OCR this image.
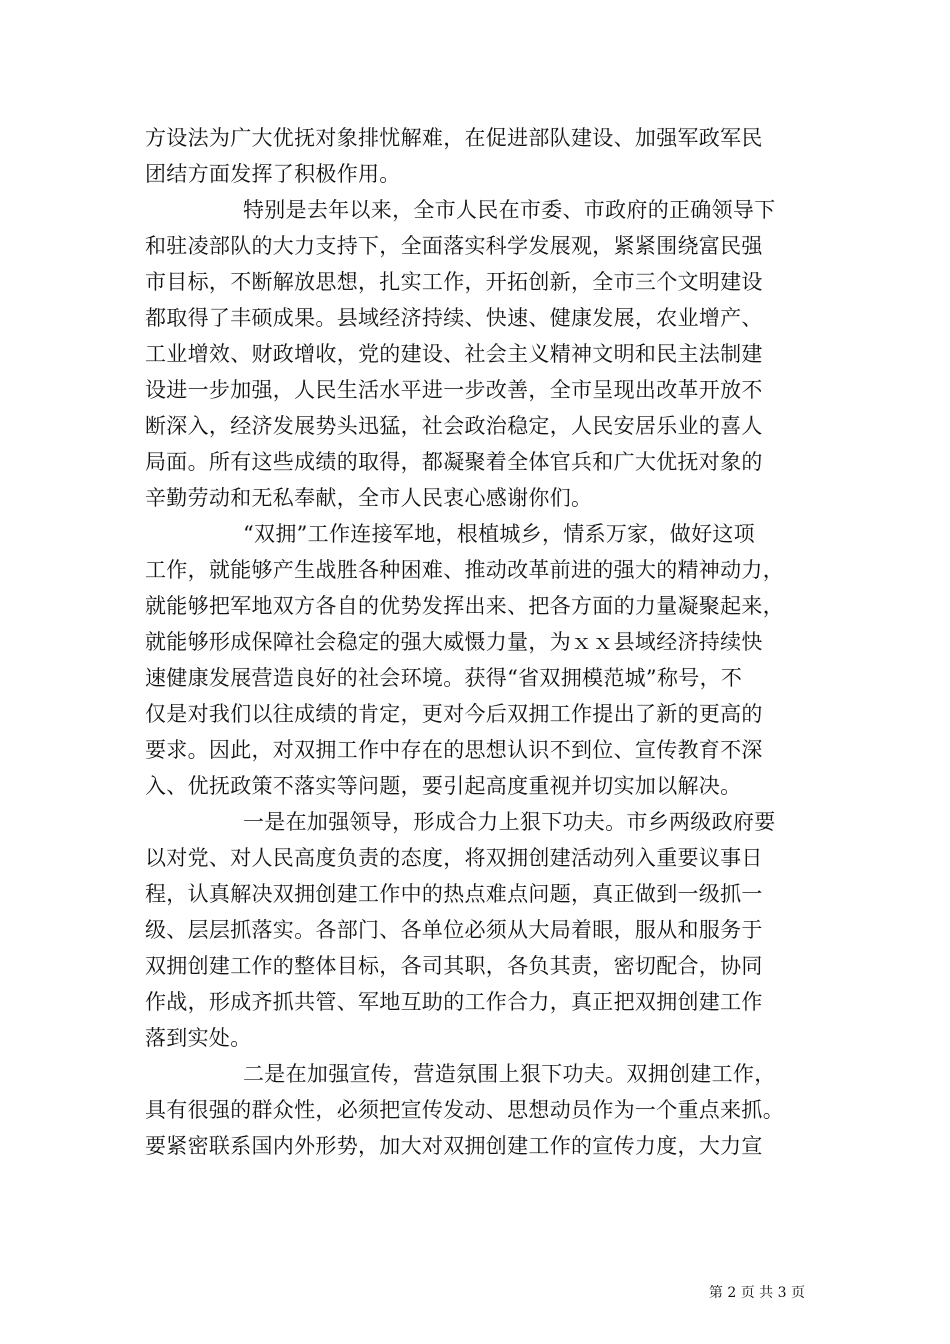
方设法为广大优抚对象排忧解难，在促进部队建设、加强军政军民
团结方面发挥了积极作用。
特别是去年以来，全市人民在市委、市政府的正确领导下
和驻凌部队的大力支持下，全面落实科学发展观，紧紧围绕富民强
市目标，不断解放思想，扎实工作，开拓创新，全市三个文明建设
都取得了丰硕成果。县域经济持续、快速、健康发展，农业增产、
工业增效、财政增收，党的建设、社会主义精神文明和民主法制建
设进一步加强，人民生活水平进一步改善，全市呈现出改革开放不
断深入，经济发展势头迅猛，社会政治稳定，人民安居乐业的喜人
局面。所有这些成绩的取得，都凝聚着全体官兵和广大优抚对象的
辛勤劳动和无私奉献，全市人民衷心感谢你们。
“双拥”工作连接军地，根植城乡，情系万家，做好这项
工作，就能够产生战胜各种困难、推动改革前进的强大的精神动力，
就能够把军地双方各自的优势发挥出来、把各方面的力量凝聚起来，
就能够形成保障社会稳定的强大威慑力量，为ｘｘ县域经济持续快
速健康发展营造良好的社会环境。获得“省双拥模范城”称号，不
仅是对我们以往成绩的肯定，更对今后双拥工作提出了新的更高的
要求。因此，对双拥工作中存在的思想认识不到位、宣传教育不深
入、优抚政策不落实等问题，要引起高度重视并切实加以解决。
一是在加强领导，形成合力上狠下功夫。市乡两级政府要
以对党、对人民高度负责的态度，将双拥创建活动列入重要议事日
程，认真解决双拥创建工作中的热点难点问题，真正做到一级抓一
级、层层抓落实。各部门、各单位必须从大局着眼，服从和服务于
双拥创建工作的整体目标，各司其职，各负其责，密切配合，协同
作战，形成齐抓共管、军地互助的工作合力，真正把双拥创建工作
落到实处。
二是在加强宣传，营造氛围上狠下功夫。双拥创建工作，
具有很强的群众性，必须把宣传发动、思想动员作为一个重点来抓。
要紧密联系国内外形势，加大对双拥创建工作的宣传力度，大力宣
第 2 页 共 3 页
